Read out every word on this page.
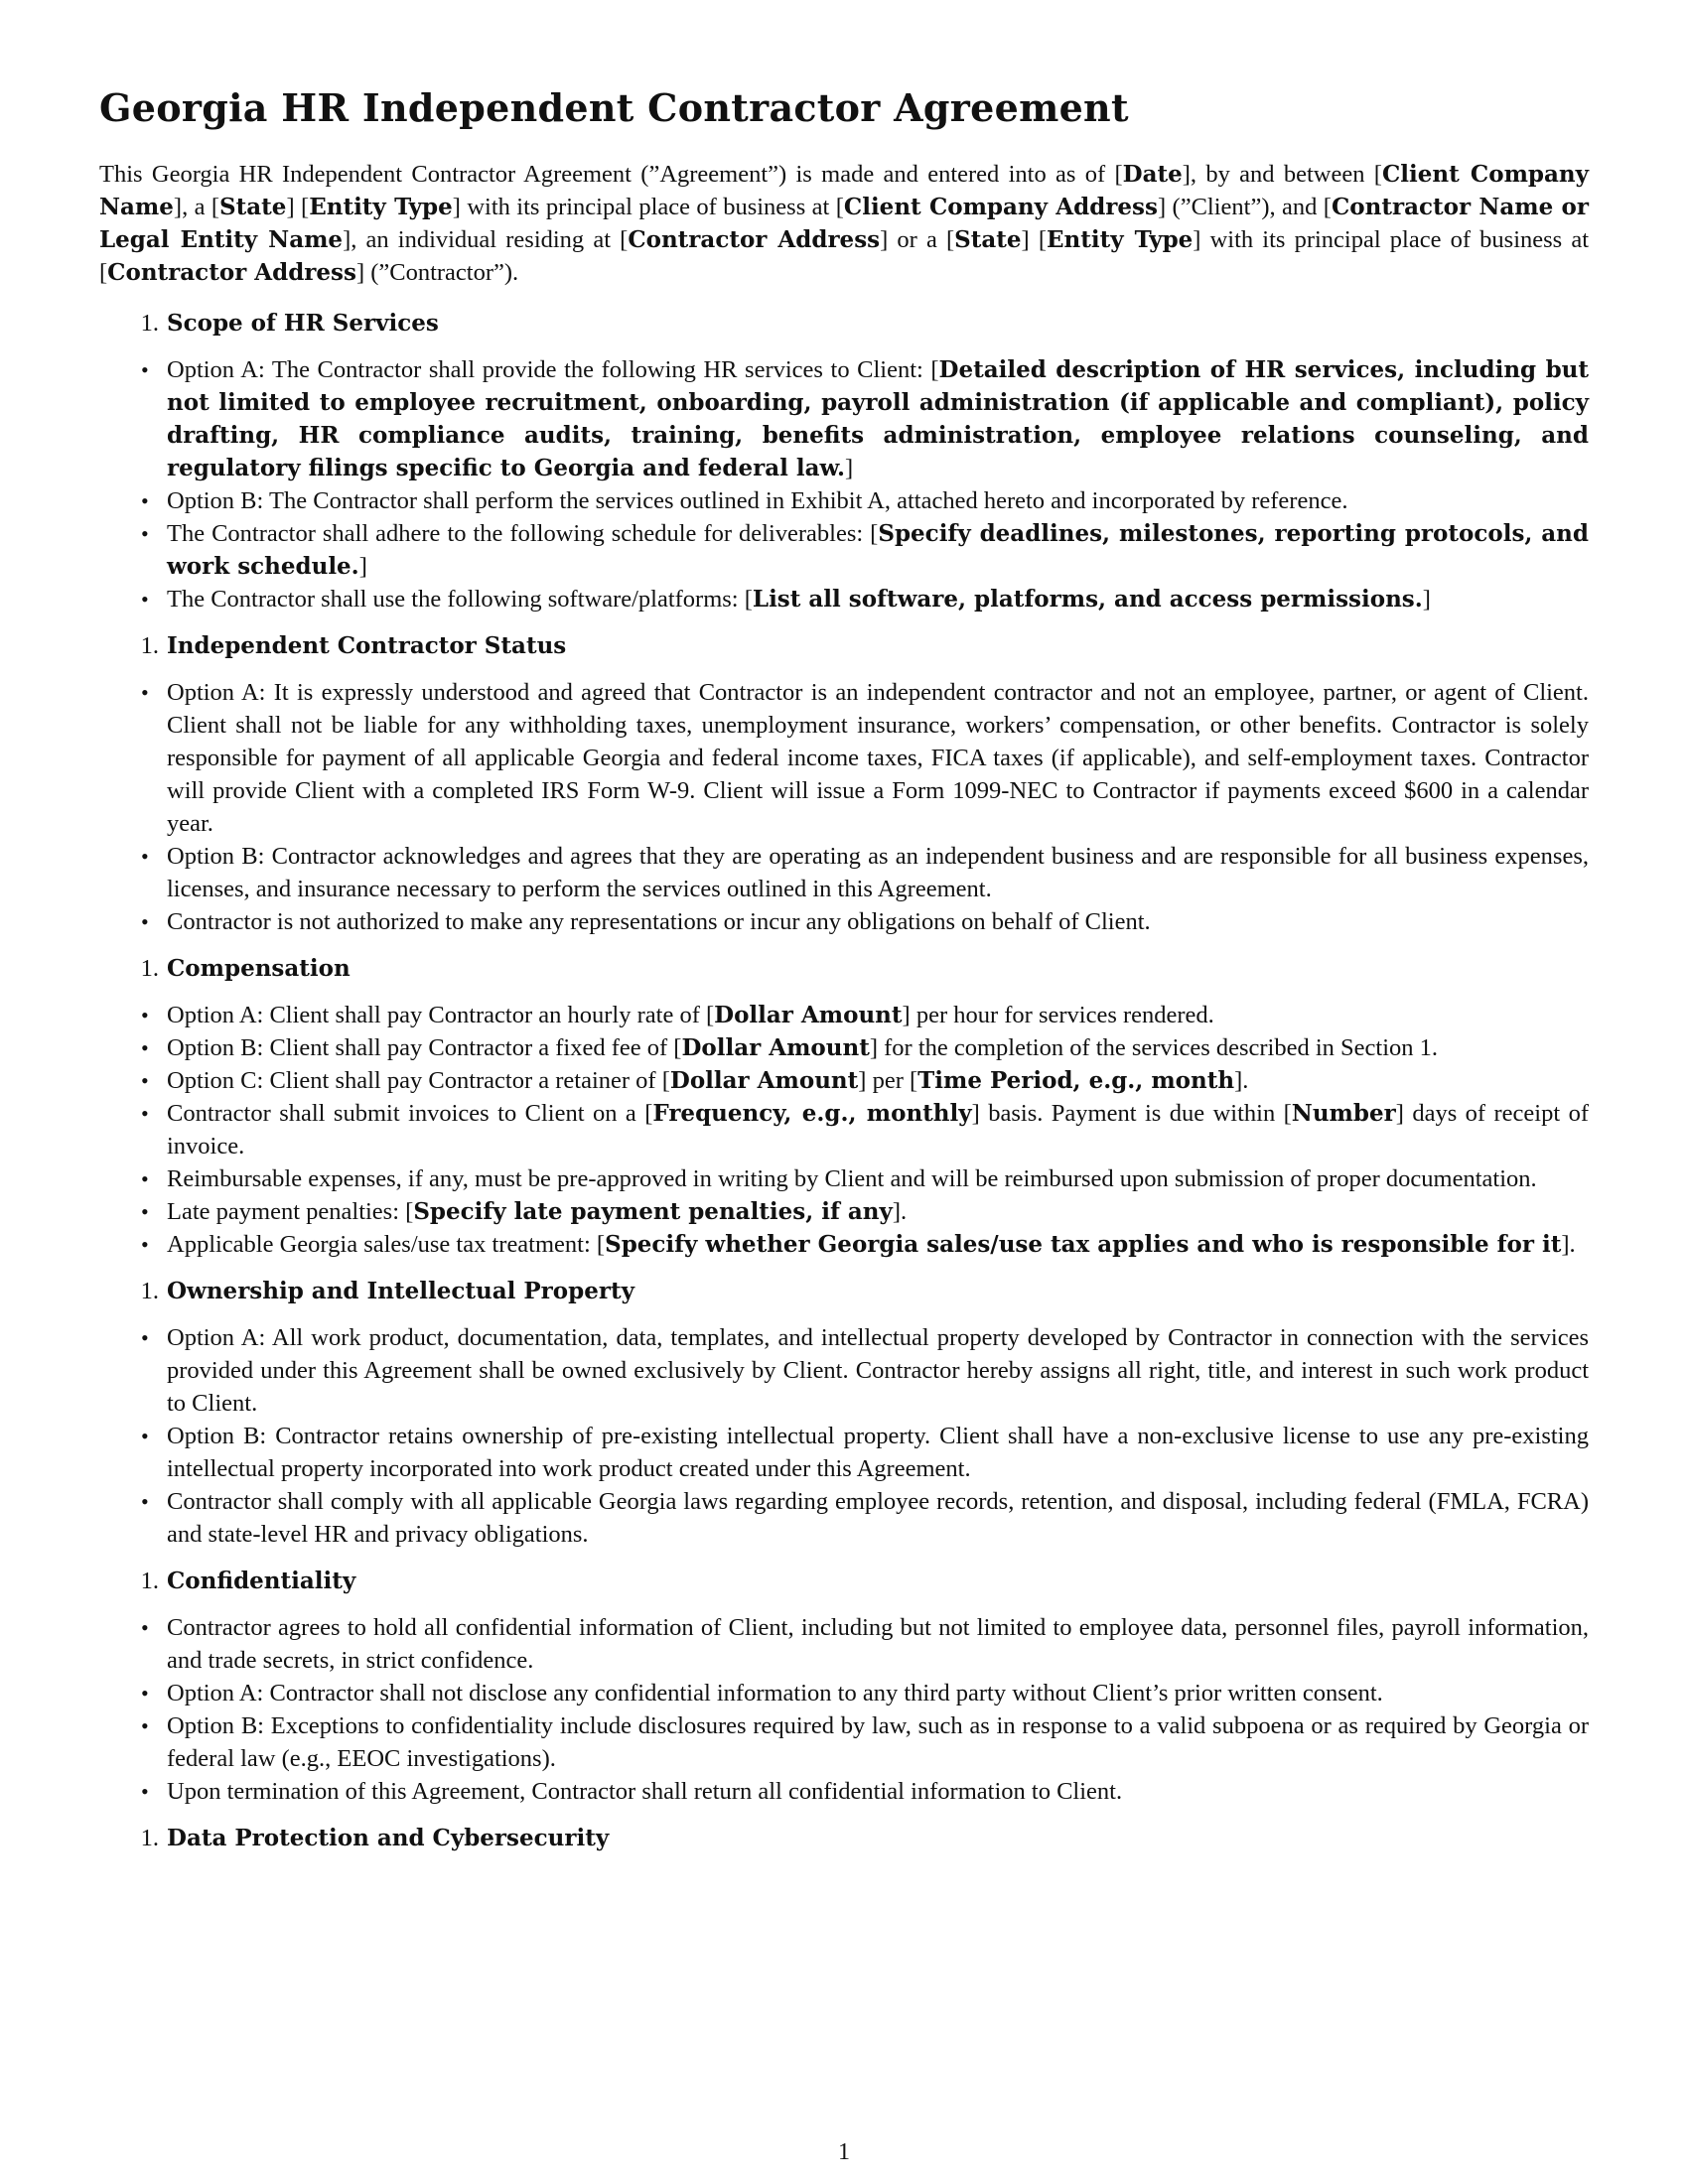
Georgia HR Independent Contractor Agreement

This Georgia HR Independent Contractor Agreement (”Agreement”) is made and entered into as of [Date], by and between [Client Company Name], a [State] [Entity Type] with its principal place of business at [Client Company Address] (”Client”), and [Contractor Name or Legal Entity Name], an individual residing at [Contractor Address] or a [State] [Entity Type] with its principal place of business at [Contractor Address] (”Contractor”).

1. Scope of HR Services
• Option A: The Contractor shall provide the following HR services to Client: [Detailed description of HR services, including but not limited to employee recruitment, onboarding, payroll administration (if applicable and compliant), policy drafting, HR compliance audits, training, benefits administration, employee relations counseling, and regulatory filings specific to Georgia and federal law.]
• Option B: The Contractor shall perform the services outlined in Exhibit A, attached hereto and incorporated by reference.
• The Contractor shall adhere to the following schedule for deliverables: [Specify deadlines, milestones, reporting protocols, and work schedule.]
• The Contractor shall use the following software/platforms: [List all software, platforms, and access permissions.]
1. Independent Contractor Status
• Option A: It is expressly understood and agreed that Contractor is an independent contractor and not an employee, partner, or agent of Client. Client shall not be liable for any withholding taxes, unemployment insurance, workers’ compensation, or other benefits. Contractor is solely responsible for payment of all applicable Georgia and federal income taxes, FICA taxes (if applicable), and self-employment taxes. Contractor will provide Client with a completed IRS Form W-9. Client will issue a Form 1099-NEC to Contractor if payments exceed $600 in a calendar year.
• Option B: Contractor acknowledges and agrees that they are operating as an independent business and are responsible for all business expenses, licenses, and insurance necessary to perform the services outlined in this Agreement.
• Contractor is not authorized to make any representations or incur any obligations on behalf of Client.
1. Compensation
• Option A: Client shall pay Contractor an hourly rate of [Dollar Amount] per hour for services rendered.
• Option B: Client shall pay Contractor a fixed fee of [Dollar Amount] for the completion of the services described in Section 1.
• Option C: Client shall pay Contractor a retainer of [Dollar Amount] per [Time Period, e.g., month].
• Contractor shall submit invoices to Client on a [Frequency, e.g., monthly] basis. Payment is due within [Number] days of receipt of invoice.
• Reimbursable expenses, if any, must be pre-approved in writing by Client and will be reimbursed upon submission of proper documentation.
• Late payment penalties: [Specify late payment penalties, if any].
• Applicable Georgia sales/use tax treatment: [Specify whether Georgia sales/use tax applies and who is responsible for it].
1. Ownership and Intellectual Property
• Option A: All work product, documentation, data, templates, and intellectual property developed by Contractor in connection with the services provided under this Agreement shall be owned exclusively by Client. Contractor hereby assigns all right, title, and interest in such work product to Client.
• Option B: Contractor retains ownership of pre-existing intellectual property. Client shall have a non-exclusive license to use any pre-existing intellectual property incorporated into work product created under this Agreement.
• Contractor shall comply with all applicable Georgia laws regarding employee records, retention, and disposal, including federal (FMLA, FCRA) and state-level HR and privacy obligations.
1. Confidentiality
• Contractor agrees to hold all confidential information of Client, including but not limited to employee data, personnel files, payroll information, and trade secrets, in strict confidence.
• Option A: Contractor shall not disclose any confidential information to any third party without Client’s prior written consent.
• Option B: Exceptions to confidentiality include disclosures required by law, such as in response to a valid subpoena or as required by Georgia or federal law (e.g., EEOC investigations).
• Upon termination of this Agreement, Contractor shall return all confidential information to Client.
1. Data Protection and Cybersecurity
1
